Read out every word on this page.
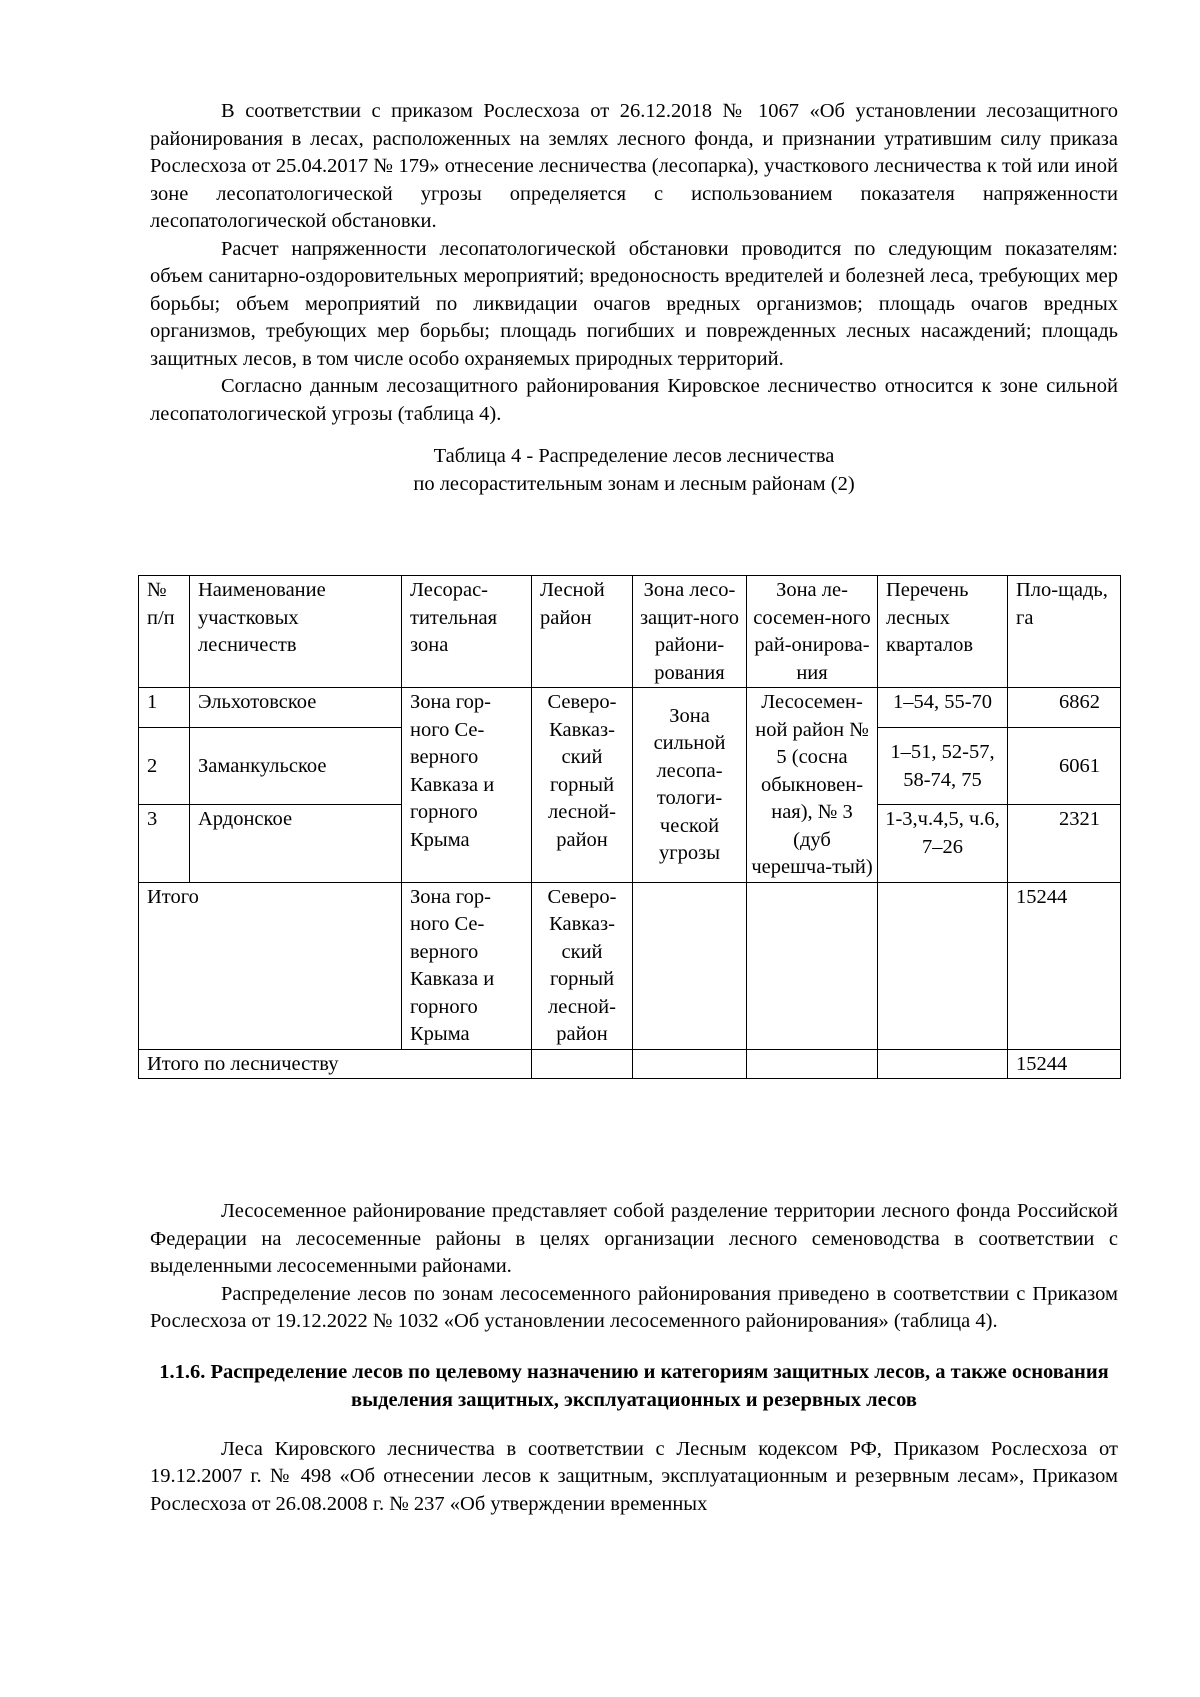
В соответствии с приказом Рослесхоза от 26.12.2018 № 1067 «Об установлении лесозащитного районирования в лесах, расположенных на землях лесного фонда, и признании утратившим силу приказа Рослесхоза от 25.04.2017 № 179» отнесение лесничества (лесопарка), участкового лесничества к той или иной зоне лесопатологической угрозы определяется с использованием показателя напряженности лесопатологической обстановки.

Расчет напряженности лесопатологической обстановки проводится по следующим показателям: объем санитарно-оздоровительных мероприятий; вредоносность вредителей и болезней леса, требующих мер борьбы; объем мероприятий по ликвидации очагов вредных организмов; площадь очагов вредных организмов, требующих мер борьбы; площадь погибших и поврежденных лесных насаждений; площадь защитных лесов, в том числе особо охраняемых природных территорий.

Согласно данным лесозащитного районирования Кировское лесничество относится к зоне сильной лесопатологической угрозы (таблица 4).

Таблица 4 - Распределение лесов лесничества
по лесорастительным зонам и лесным районам (2)
№ п/п	Наименование участковых лесничеств	Лесорас-тительная зона	Лесной район	Зона лесо-защит-ного райони-рования	Зона ле-сосемен-ного рай-онирова-ния	Перечень лесных кварталов	Пло-щадь, га
1	Эльхотовское	Зона гор-ного Се-верного Кавказа и горного Крыма	Северо-Кавказ-ский горный лесной-район	Зона сильной лесопа-тологи-ческой угрозы	Лесосемен-ной район № 5 (сосна обыкновен-ная), № 3 (дуб черешча-тый)	1–54, 55-70	6862
2	Заманкульское					1–51, 52-57, 58-74, 75	6061
3	Ардонское					1-3,ч.4,5, ч.6, 7–26	2321
Итого		Зона гор-ного Се-верного Кавказа и горного Крыма	Северо-Кавказ-ский горный лесной-район				15244
Итого по лесничеству							15244

Лесосеменное районирование представляет собой разделение территории лесного фонда Российской Федерации на лесосеменные районы в целях организации лесного семеноводства в соответствии с выделенными лесосеменными районами.

Распределение лесов по зонам лесосеменного районирования приведено в соответствии с Приказом Рослесхоза от 19.12.2022 № 1032 «Об установлении лесосеменного районирования» (таблица 4).

1.1.6. Распределение лесов по целевому назначению и категориям защитных лесов, а также основания выделения защитных, эксплуатационных и резервных лесов

Леса Кировского лесничества в соответствии с Лесным кодексом РФ, Приказом Рослесхоза от 19.12.2007 г. № 498 «Об отнесении лесов к защитным, эксплуатационным и резервным лесам», Приказом Рослесхоза от 26.08.2008 г. № 237 «Об утверждении временных
